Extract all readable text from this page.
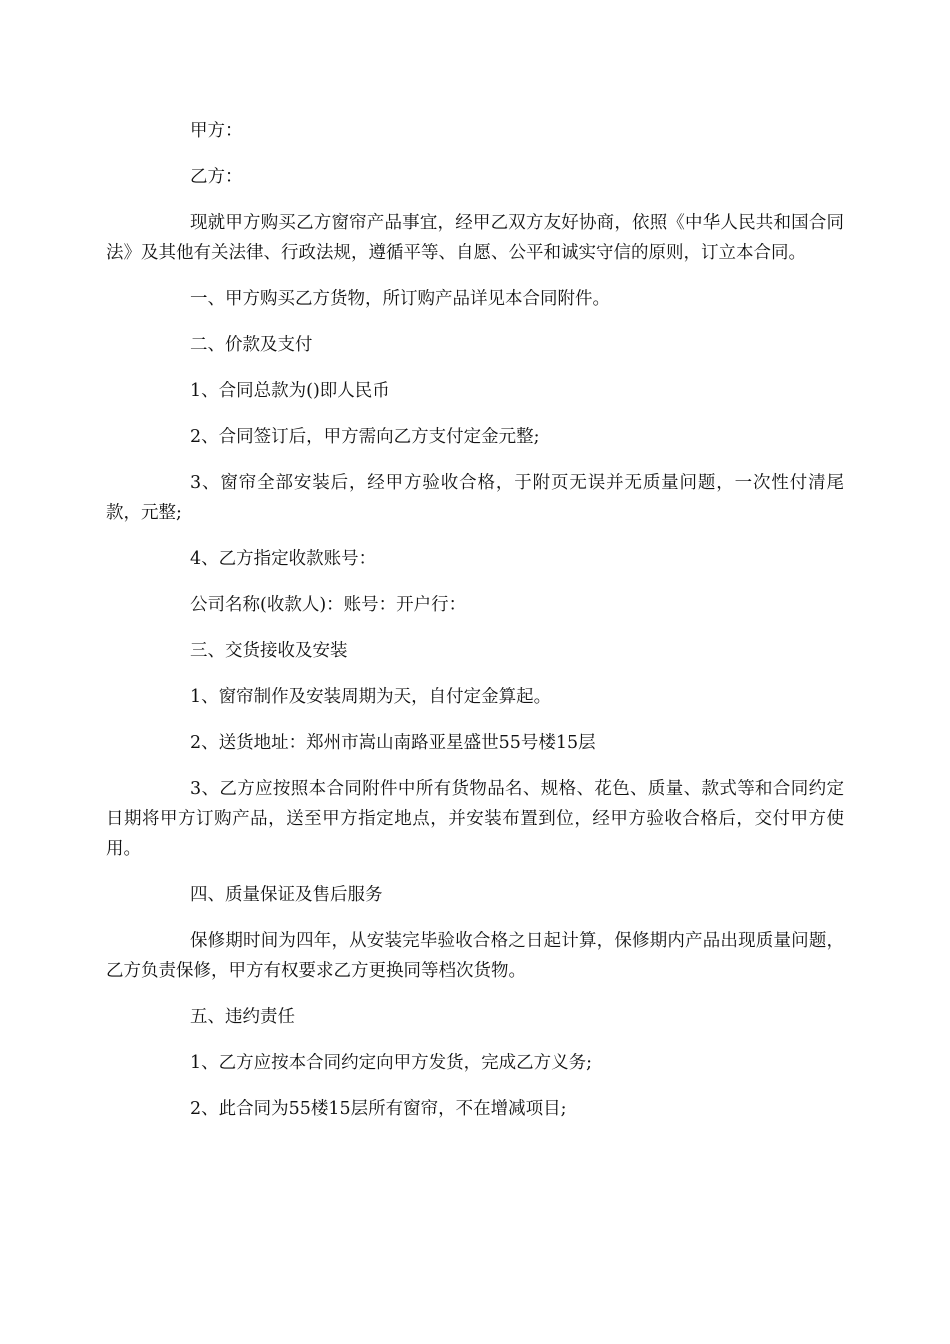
甲方：

乙方：

现就甲方购买乙方窗帘产品事宜，经甲乙双方友好协商，依照《中华人民共和国合同法》及其他有关法律、行政法规，遵循平等、自愿、公平和诚实守信的原则，订立本合同。

一、甲方购买乙方货物，所订购产品详见本合同附件。

二、价款及支付

1、合同总款为()即人民币

2、合同签订后，甲方需向乙方支付定金元整;

3、窗帘全部安装后，经甲方验收合格，于附页无误并无质量问题，一次性付清尾款，元整;

4、乙方指定收款账号：

公司名称(收款人)：账号：开户行：

三、交货接收及安装

1、窗帘制作及安装周期为天，自付定金算起。

2、送货地址：郑州市嵩山南路亚星盛世55号楼15层

3、乙方应按照本合同附件中所有货物品名、规格、花色、质量、款式等和合同约定日期将甲方订购产品，送至甲方指定地点，并安装布置到位，经甲方验收合格后，交付甲方使用。

四、质量保证及售后服务

保修期时间为四年，从安装完毕验收合格之日起计算，保修期内产品出现质量问题，乙方负责保修，甲方有权要求乙方更换同等档次货物。

五、违约责任

1、乙方应按本合同约定向甲方发货，完成乙方义务;

2、此合同为55楼15层所有窗帘，不在增减项目;
